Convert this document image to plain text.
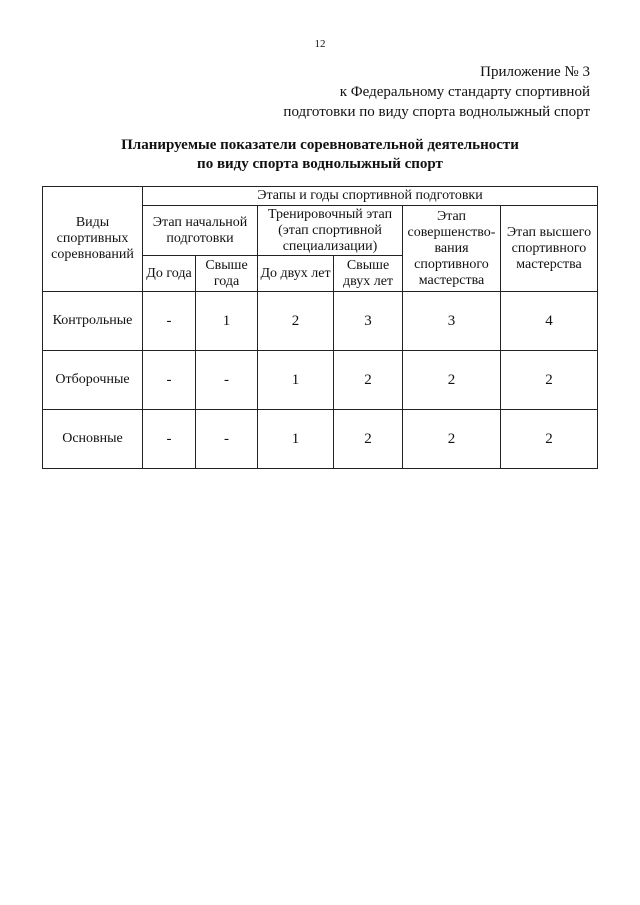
12
Приложение № 3
к Федеральному стандарту спортивной
подготовки по виду спорта воднолыжный спорт
Планируемые показатели соревновательной деятельности
по виду спорта воднолыжный спорт
Виды спортивных соревнований	Этапы и годы спортивной подготовки					
	Этап начальной подготовки		Тренировочный этап (этап спортивной специализации)		Этап совершенство-вания спортивного мастерства	Этап высшего спортивного мастерства
	До года	Свыше года	До двух лет	Свыше двух лет		
Контрольные	-	1	2	3	3	4
Отборочные	-	-	1	2	2	2
Основные	-	-	1	2	2	2
